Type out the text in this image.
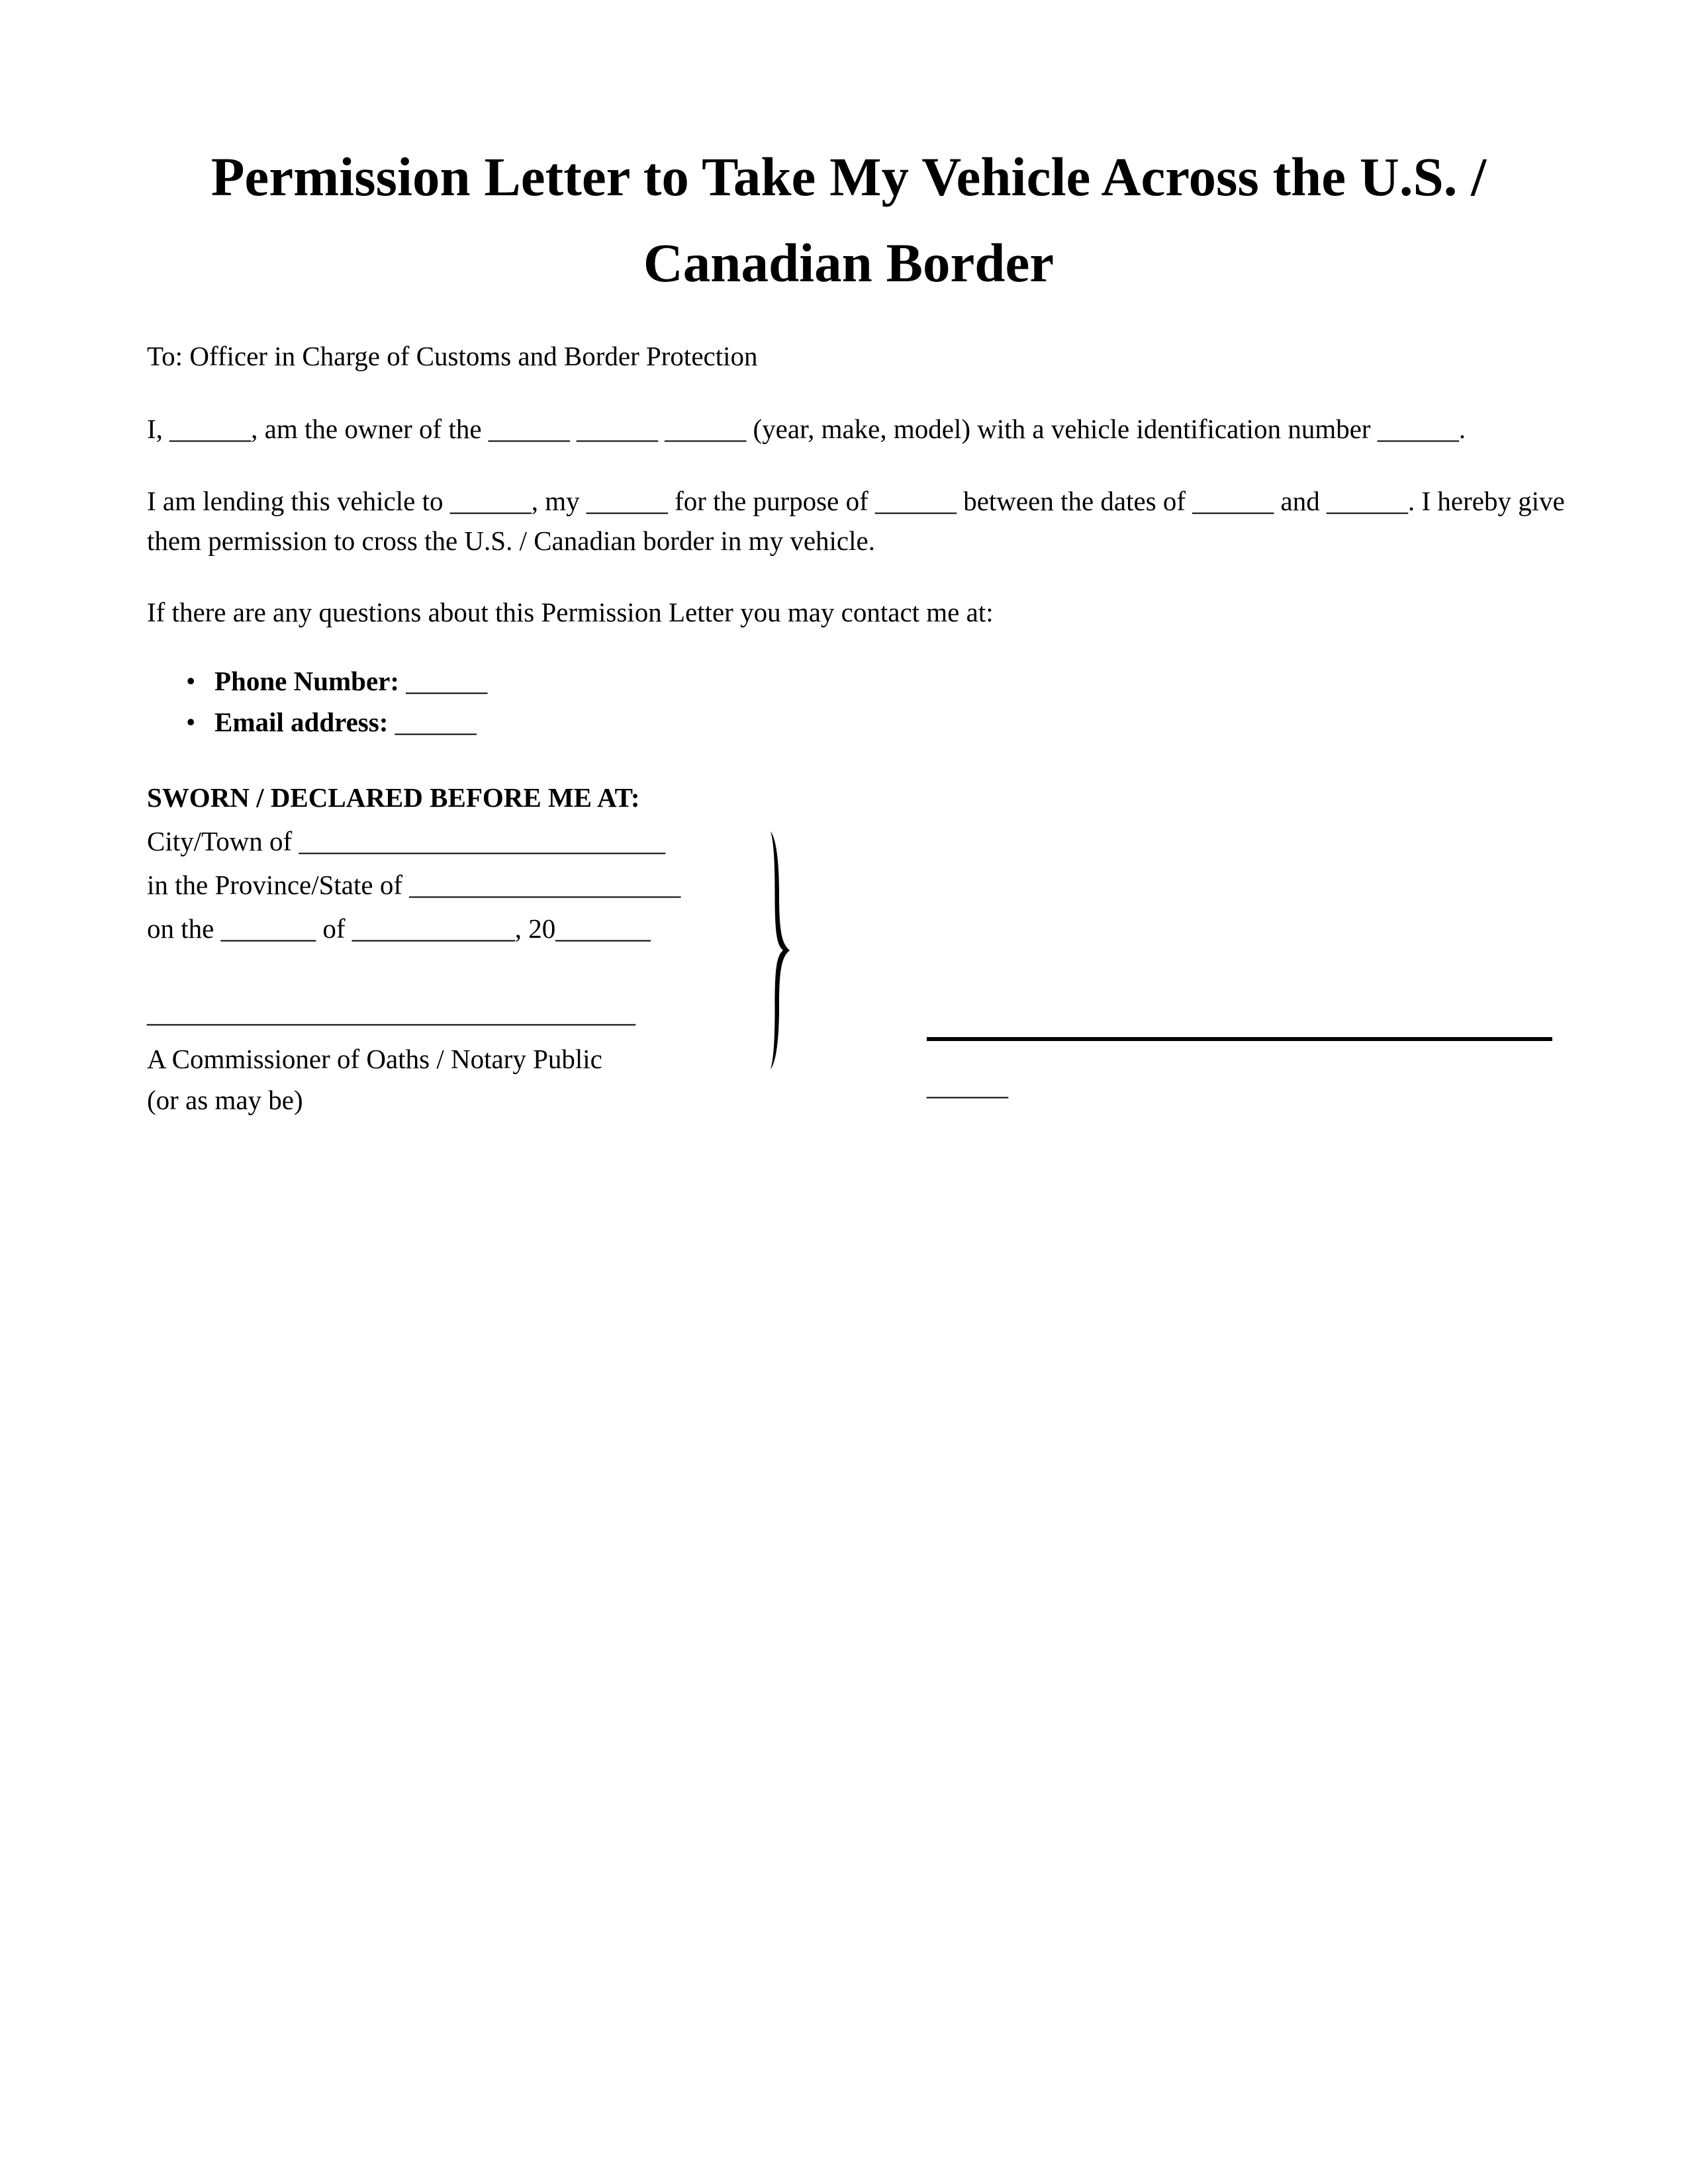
Permission Letter to Take My Vehicle Across the U.S. /
Canadian Border
To: Officer in Charge of Customs and Border Protection
I, ______, am the owner of the ______ ______ ______ (year, make, model) with a vehicle identification number ______.
I am lending this vehicle to ______, my ______ for the purpose of ______ between the dates of ______ and ______. I hereby give
them permission to cross the U.S. / Canadian border in my vehicle.
If there are any questions about this Permission Letter you may contact me at:
• Phone Number: ______
• Email address: ______
SWORN / DECLARED BEFORE ME AT:
City/Town of ___________________________
in the Province/State of ____________________
on the _______ of ____________, 20_______
____________________________________
A Commissioner of Oaths / Notary Public
(or as may be)	______
